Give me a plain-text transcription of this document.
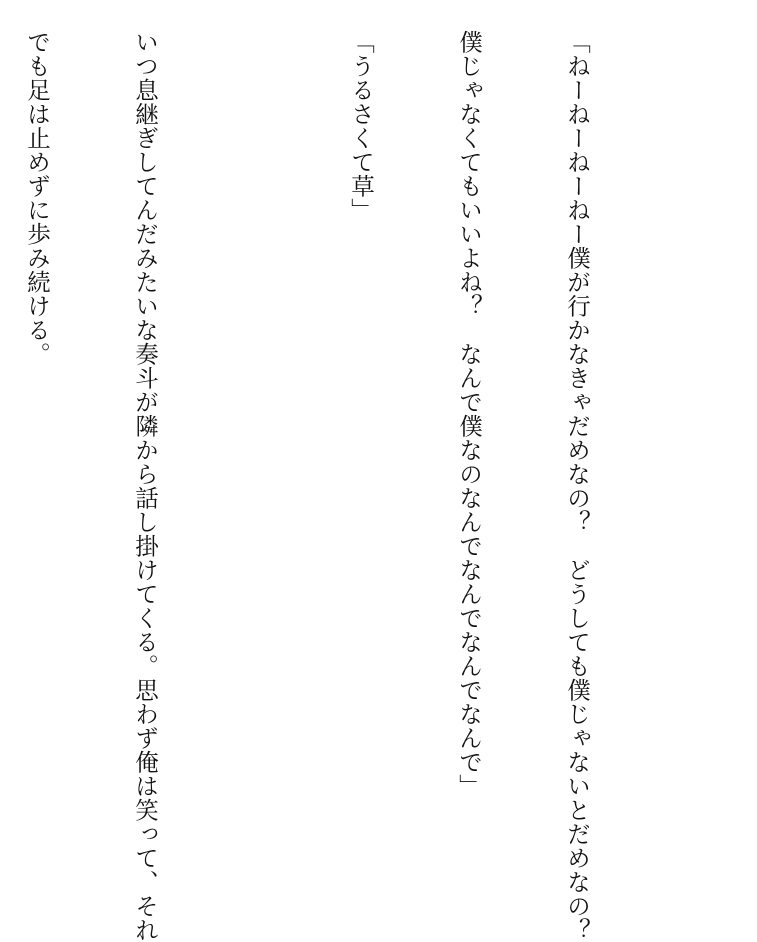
「ねーねーねーねー僕が行かなきゃだめなの？　どうしても僕じゃないとだめなの？

僕じゃなくてもいいよね？　なんで僕なのなんでなんでなんでなんで」

「うるさくて草」

いつ息継ぎしてんだみたいな奏斗が隣から話し掛けてくる。思わず俺は笑って、それ

でも足は止めずに歩み続ける。
